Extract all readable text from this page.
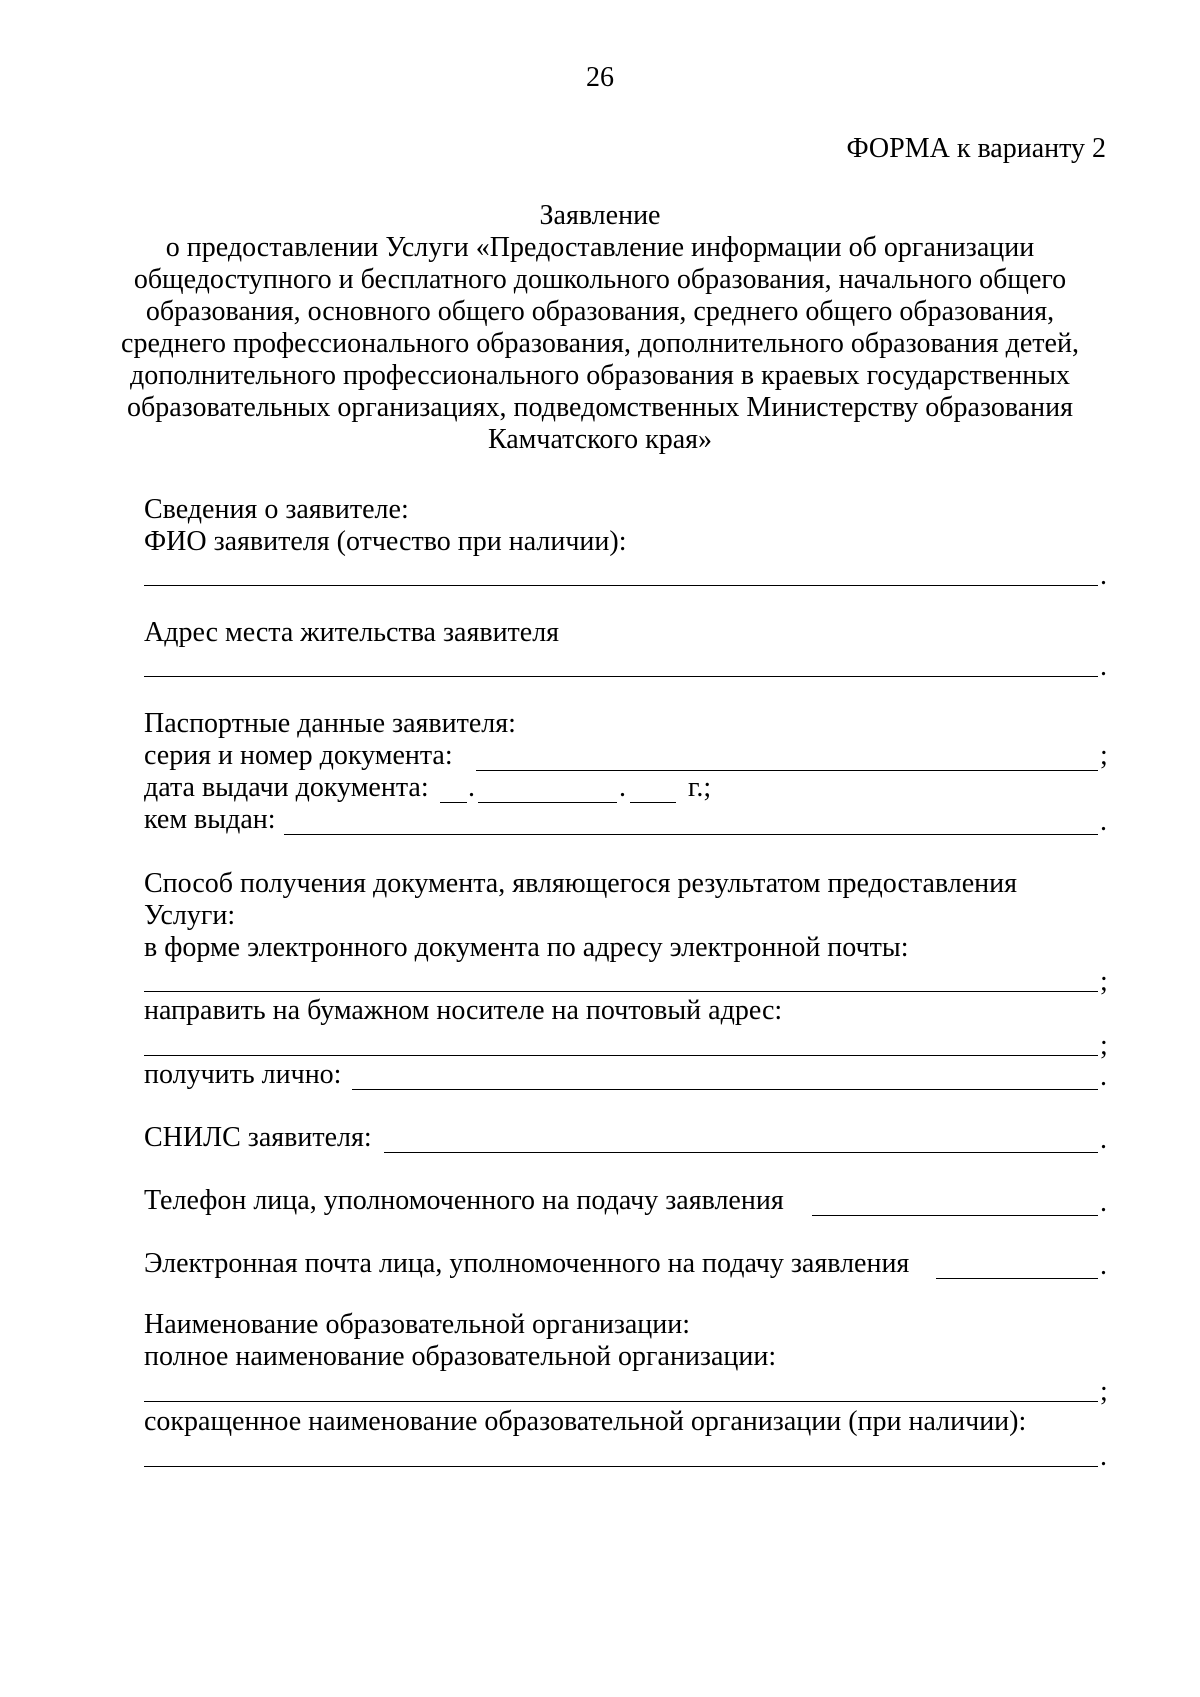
26
ФОРМА к варианту 2
Заявление
о предоставлении Услуги «Предоставление информации об организации
общедоступного и бесплатного дошкольного образования, начального общего
образования, основного общего образования, среднего общего образования,
среднего профессионального образования, дополнительного образования детей,
дополнительного профессионального образования в краевых государственных
образовательных организациях, подведомственных Министерству образования
Камчатского края»
Сведения о заявителе:
ФИО заявителя (отчество при наличии):
.
Адрес места жительства заявителя
.
Паспортные данные заявителя:
серия и номер документа:	;
дата выдачи документа: .	. г.;
кем выдан:	.
Способ получения документа, являющегося результатом предоставления
Услуги:
в форме электронного документа по адресу электронной почты:
;
направить на бумажном носителе на почтовый адрес:
;
получить лично:	.
СНИЛС заявителя:	.
Телефон лица, уполномоченного на подачу заявления	.
Электронная почта лица, уполномоченного на подачу заявления	.
Наименование образовательной организации:
полное наименование образовательной организации:
;
сокращенное наименование образовательной организации (при наличии):
.
